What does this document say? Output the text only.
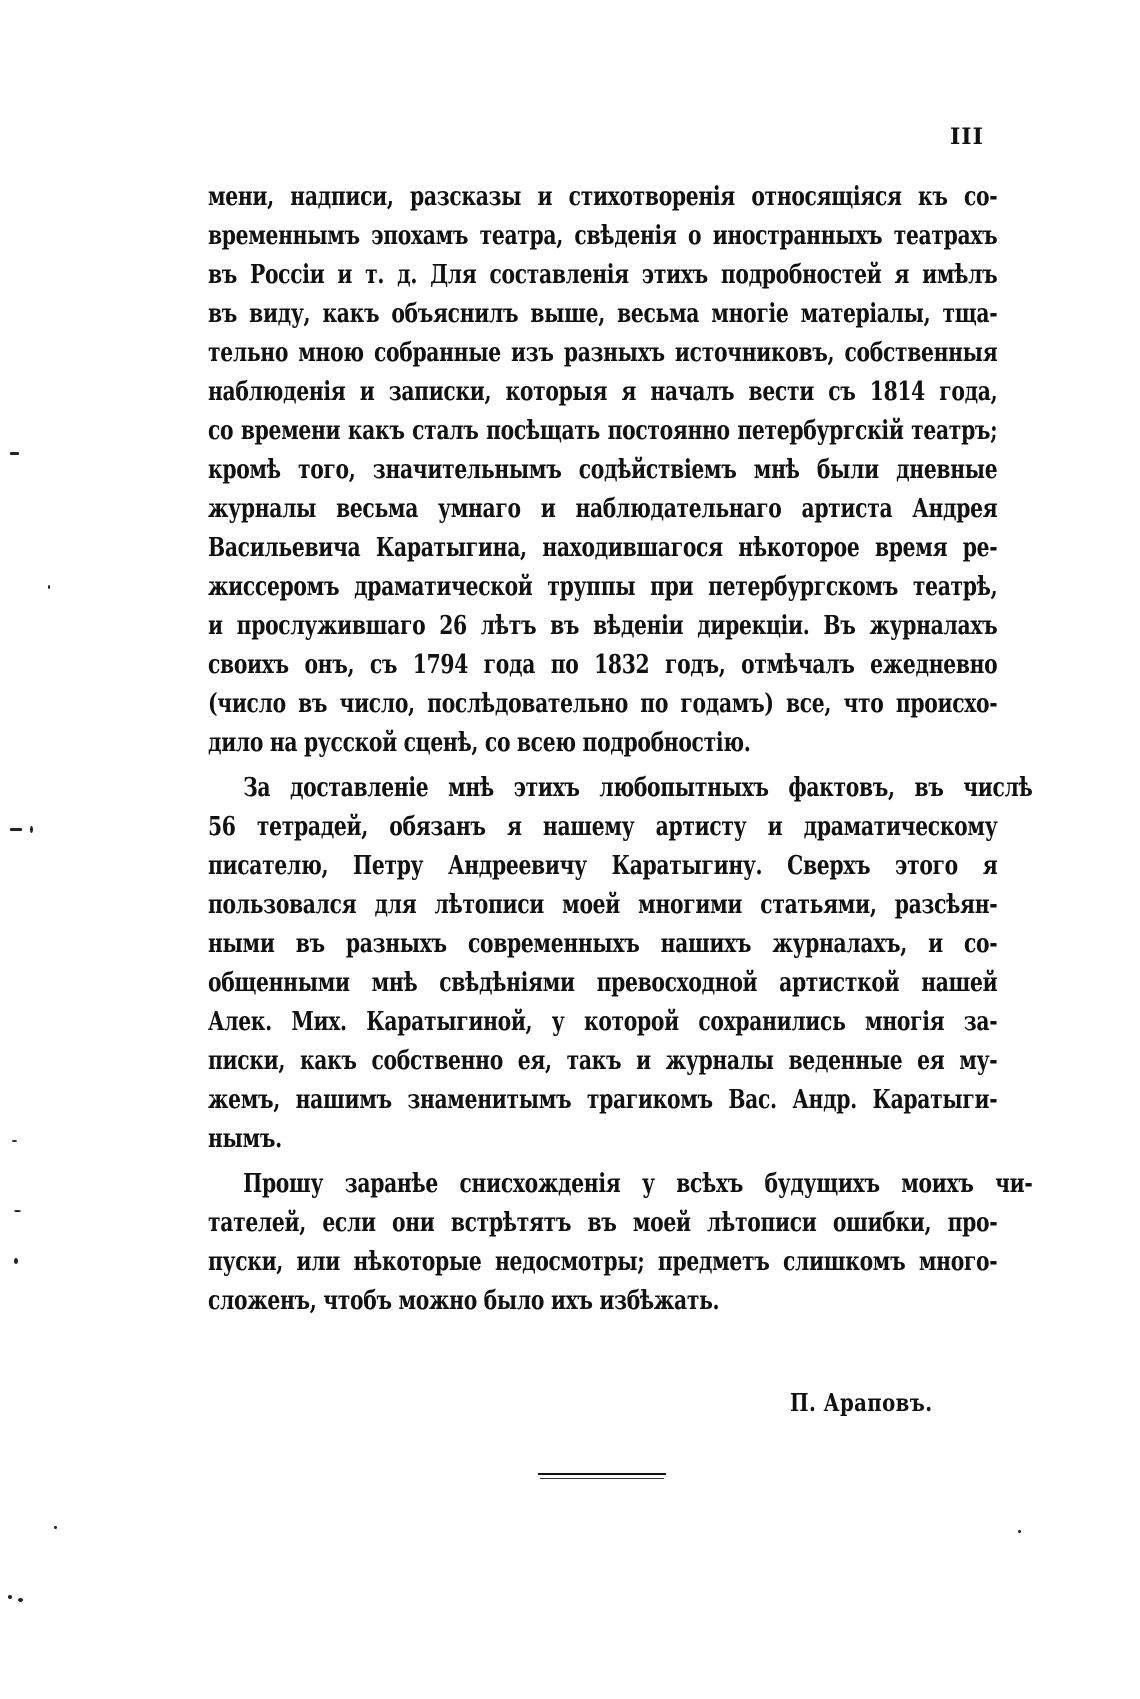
III
мени, надписи, разсказы и стихотворенія относящіяся къ со-
временнымъ эпохамъ театра, свѣденія о иностранныхъ театрахъ
въ Россіи и т. д. Для составленія этихъ подробностей я имѣлъ
въ виду, какъ объяснилъ выше, весьма многіе матеріалы, тща-
тельно мною собранные изъ разныхъ источниковъ, собственныя
наблюденія и записки, которыя я началъ вести съ 1814 года,
со времени какъ сталъ посѣщать постоянно петербургскій театръ;
кромѣ того, значительнымъ содѣйствіемъ мнѣ были дневные
журналы весьма умнаго и наблюдательнаго артиста Андрея
Васильевича Каратыгина, находившагося нѣкоторое время ре-
жиссеромъ драматической труппы при петербургскомъ театрѣ,
и прослужившаго 26 лѣтъ въ вѣденіи дирекціи. Въ журналахъ
своихъ онъ, съ 1794 года по 1832 годъ, отмѣчалъ ежедневно
(число въ число, послѣдовательно по годамъ) все, что происхо-
дило на русской сценѣ, со всею подробностію.
За доставленіе мнѣ этихъ любопытныхъ фактовъ, въ числѣ
56 тетрадей, обязанъ я нашему артисту и драматическому
писателю, Петру Андреевичу Каратыгину. Сверхъ этого я
пользовался для лѣтописи моей многими статьями, разсѣян-
ными въ разныхъ современныхъ нашихъ журналахъ, и со-
общенными мнѣ свѣдѣніями превосходной артисткой нашей
Алек. Мих. Каратыгиной, у которой сохранились многія за-
писки, какъ собственно ея, такъ и журналы веденные ея му-
жемъ, нашимъ знаменитымъ трагикомъ Вас. Андр. Каратыги-
нымъ.
Прошу заранѣе снисхожденія у всѣхъ будущихъ моихъ чи-
тателей, если они встрѣтятъ въ моей лѣтописи ошибки, про-
пуски, или нѣкоторые недосмотры; предметъ слишкомъ много-
сложенъ, чтобъ можно было ихъ избѣжать.
П. Араповъ.
